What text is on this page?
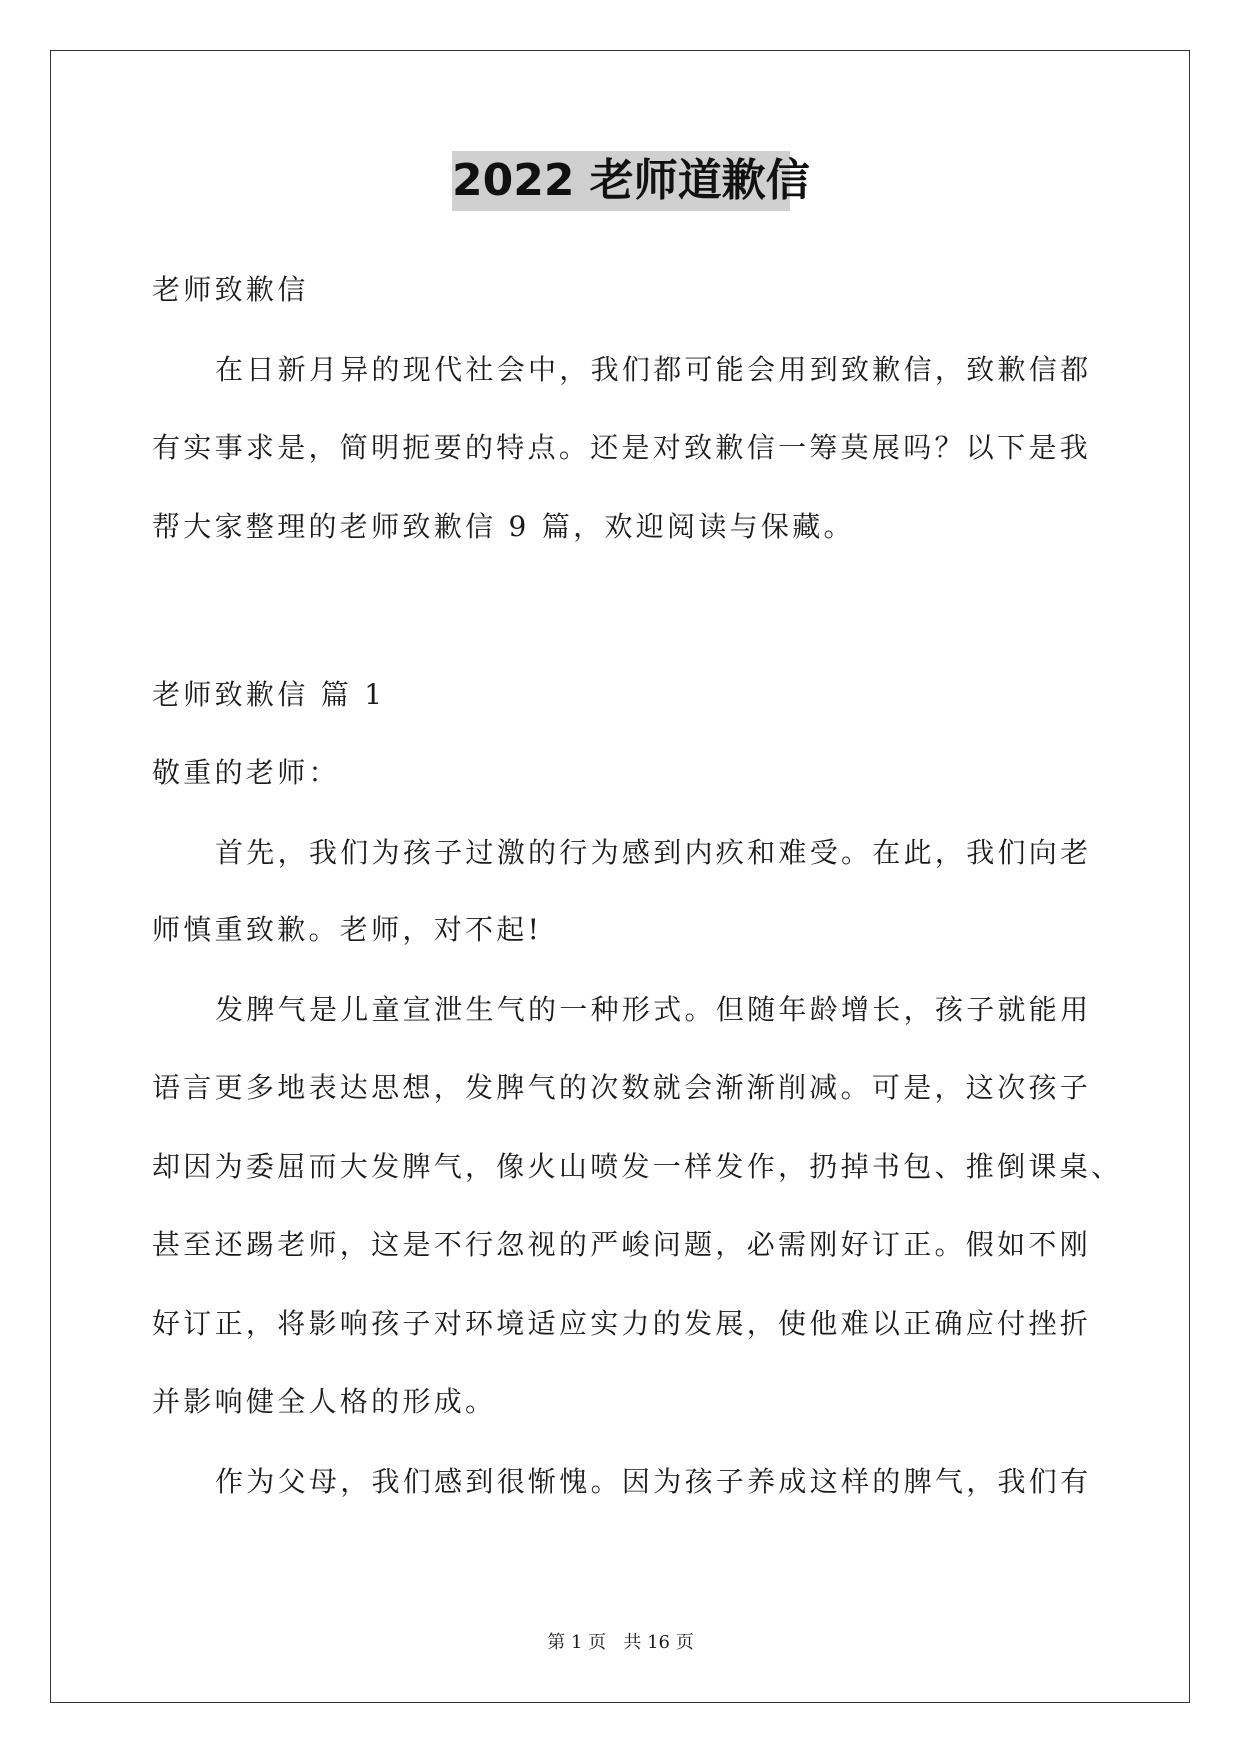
2022 老师道歉信
老师致歉信
在日新月异的现代社会中，我们都可能会用到致歉信，致歉信都
有实事求是，简明扼要的特点。还是对致歉信一筹莫展吗？以下是我
帮大家整理的老师致歉信 9 篇，欢迎阅读与保藏。
老师致歉信 篇 1
敬重的老师：
首先，我们为孩子过激的行为感到内疚和难受。在此，我们向老
师慎重致歉。老师，对不起!
发脾气是儿童宣泄生气的一种形式。但随年龄增长，孩子就能用
语言更多地表达思想，发脾气的次数就会渐渐削减。可是，这次孩子
却因为委屈而大发脾气，像火山喷发一样发作，扔掉书包、推倒课桌、
甚至还踢老师，这是不行忽视的严峻问题，必需刚好订正。假如不刚
好订正，将影响孩子对环境适应实力的发展，使他难以正确应付挫折
并影响健全人格的形成。
作为父母，我们感到很惭愧。因为孩子养成这样的脾气，我们有
第 1 页   共 16 页
